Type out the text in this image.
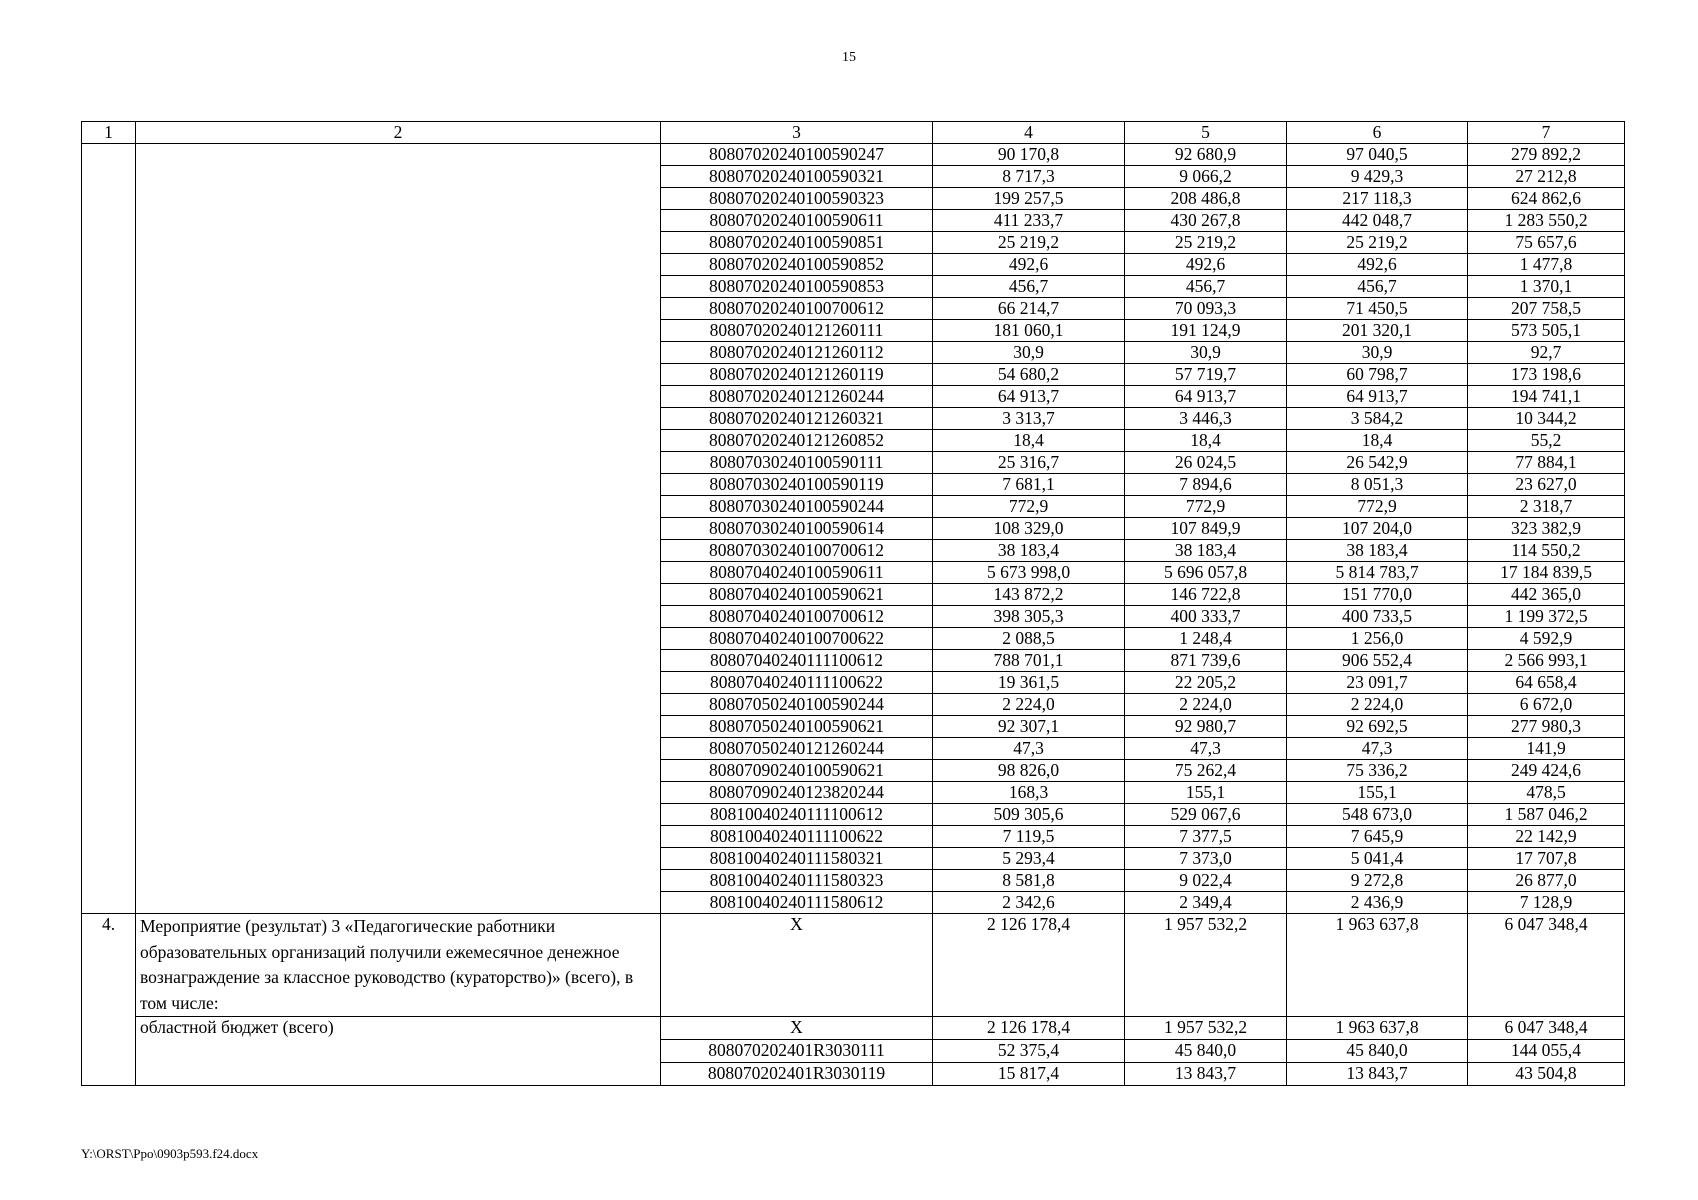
15
1	2	3	4	5	6	7
		80807020240100590247	90 170,8	92 680,9	97 040,5	279 892,2
		80807020240100590321	8 717,3	9 066,2	9 429,3	27 212,8
		80807020240100590323	199 257,5	208 486,8	217 118,3	624 862,6
		80807020240100590611	411 233,7	430 267,8	442 048,7	1 283 550,2
		80807020240100590851	25 219,2	25 219,2	25 219,2	75 657,6
		80807020240100590852	492,6	492,6	492,6	1 477,8
		80807020240100590853	456,7	456,7	456,7	1 370,1
		80807020240100700612	66 214,7	70 093,3	71 450,5	207 758,5
		80807020240121260111	181 060,1	191 124,9	201 320,1	573 505,1
		80807020240121260112	30,9	30,9	30,9	92,7
		80807020240121260119	54 680,2	57 719,7	60 798,7	173 198,6
		80807020240121260244	64 913,7	64 913,7	64 913,7	194 741,1
		80807020240121260321	3 313,7	3 446,3	3 584,2	10 344,2
		80807020240121260852	18,4	18,4	18,4	55,2
		80807030240100590111	25 316,7	26 024,5	26 542,9	77 884,1
		80807030240100590119	7 681,1	7 894,6	8 051,3	23 627,0
		80807030240100590244	772,9	772,9	772,9	2 318,7
		80807030240100590614	108 329,0	107 849,9	107 204,0	323 382,9
		80807030240100700612	38 183,4	38 183,4	38 183,4	114 550,2
		80807040240100590611	5 673 998,0	5 696 057,8	5 814 783,7	17 184 839,5
		80807040240100590621	143 872,2	146 722,8	151 770,0	442 365,0
		80807040240100700612	398 305,3	400 333,7	400 733,5	1 199 372,5
		80807040240100700622	2 088,5	1 248,4	1 256,0	4 592,9
		80807040240111100612	788 701,1	871 739,6	906 552,4	2 566 993,1
		80807040240111100622	19 361,5	22 205,2	23 091,7	64 658,4
		80807050240100590244	2 224,0	2 224,0	2 224,0	6 672,0
		80807050240100590621	92 307,1	92 980,7	92 692,5	277 980,3
		80807050240121260244	47,3	47,3	47,3	141,9
		80807090240100590621	98 826,0	75 262,4	75 336,2	249 424,6
		80807090240123820244	168,3	155,1	155,1	478,5
		80810040240111100612	509 305,6	529 067,6	548 673,0	1 587 046,2
		80810040240111100622	7 119,5	7 377,5	7 645,9	22 142,9
		80810040240111580321	5 293,4	7 373,0	5 041,4	17 707,8
		80810040240111580323	8 581,8	9 022,4	9 272,8	26 877,0
		80810040240111580612	2 342,6	2 349,4	2 436,9	7 128,9
4.	Мероприятие (результат) 3 «Педагогические работники образовательных организаций получили ежемесячное денежное вознаграждение за классное руководство (кураторство)» (всего), в том числе:	X	2 126 178,4	1 957 532,2	1 963 637,8	6 047 348,4
	областной бюджет (всего)	X	2 126 178,4	1 957 532,2	1 963 637,8	6 047 348,4
		808070202401R3030111	52 375,4	45 840,0	45 840,0	144 055,4
		808070202401R3030119	15 817,4	13 843,7	13 843,7	43 504,8
Y:\ORST\Ppo\0903p593.f24.docx
